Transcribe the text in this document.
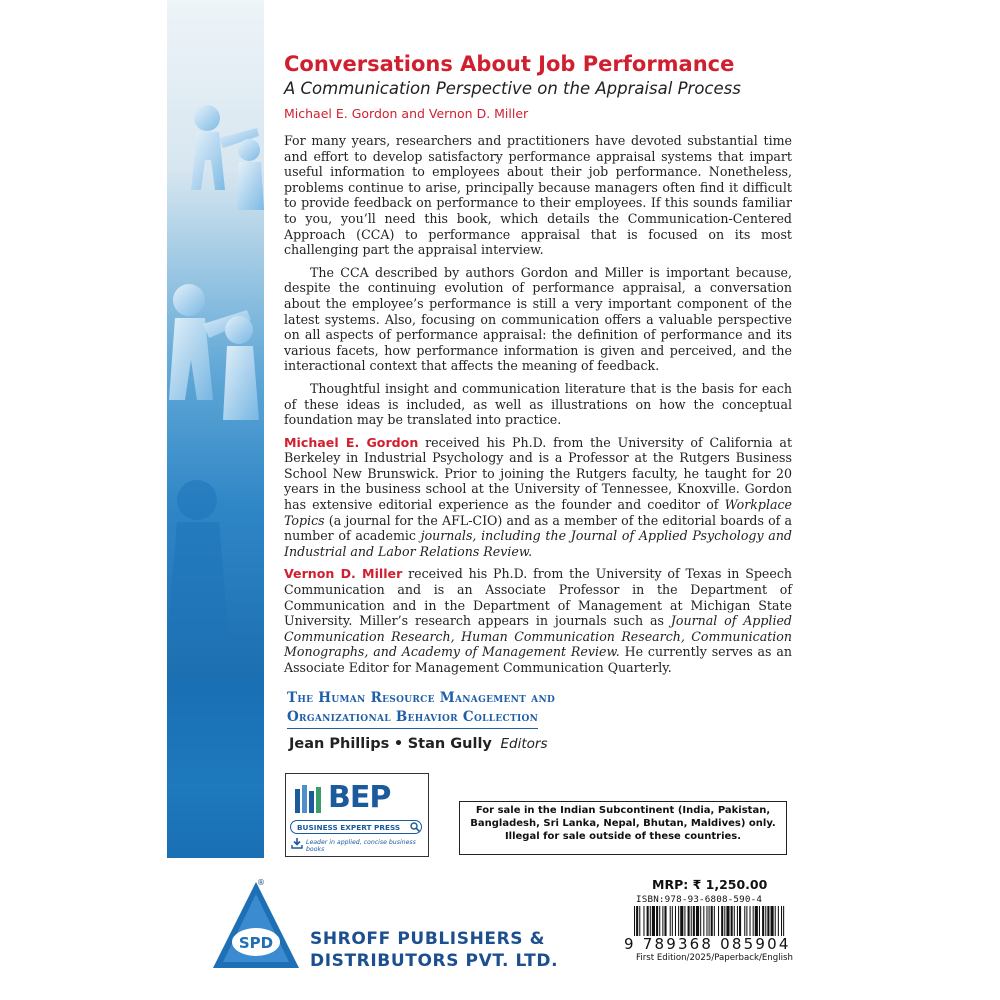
Conversations About Job Performance
A Communication Perspective on the Appraisal Process
Michael E. Gordon and Vernon D. Miller

For many years, researchers and practitioners have devoted substantial time and effort to develop satisfactory performance appraisal systems that impart useful information to employees about their job performance. Nonetheless, problems continue to arise, principally because managers often find it difficult to provide feedback on performance to their employees. If this sounds familiar to you, you’ll need this book, which details the Communication-Centered Approach (CCA) to performance appraisal that is focused on its most challenging part the appraisal interview.

The CCA described by authors Gordon and Miller is important because, despite the continuing evolution of performance appraisal, a conversation about the employee’s performance is still a very important component of the latest systems. Also, focusing on communication offers a valuable perspective on all aspects of performance appraisal: the definition of performance and its various facets, how performance information is given and perceived, and the interactional context that affects the meaning of feedback.

Thoughtful insight and communication literature that is the basis for each of these ideas is included, as well as illustrations on how the conceptual foundation may be translated into practice.

Michael E. Gordon received his Ph.D. from the University of California at Berkeley in Industrial Psychology and is a Professor at the Rutgers Business School New Brunswick. Prior to joining the Rutgers faculty, he taught for 20 years in the business school at the University of Tennessee, Knoxville. Gordon has extensive editorial experience as the founder and coeditor of Workplace Topics (a journal for the AFL-CIO) and as a member of the editorial boards of a number of academic journals, including the Journal of Applied Psychology and Industrial and Labor Relations Review.

Vernon D. Miller received his Ph.D. from the University of Texas in Speech Communication and is an Associate Professor in the Department of Communication and in the Department of Management at Michigan State University. Miller’s research appears in journals such as Journal of Applied Communication Research, Human Communication Research, Communication Monographs, and Academy of Management Review. He currently serves as an Associate Editor for Management Communication Quarterly.

The Human Resource Management and
Organizational Behavior Collection
Jean Phillips • Stan Gully Editors
BEP
BUSINESS EXPERT PRESS
Leader in applied, concise business books
For sale in the Indian Subcontinent (India, Pakistan, Bangladesh, Sri Lanka, Nepal, Bhutan, Maldives) only. Illegal for sale outside of these countries.
MRP: ₹ 1,250.00
ISBN:978-93-6808-590-4
9 789368 085904
First Edition/2025/Paperback/English
SPD
®
SHROFF PUBLISHERS &
DISTRIBUTORS PVT. LTD.
